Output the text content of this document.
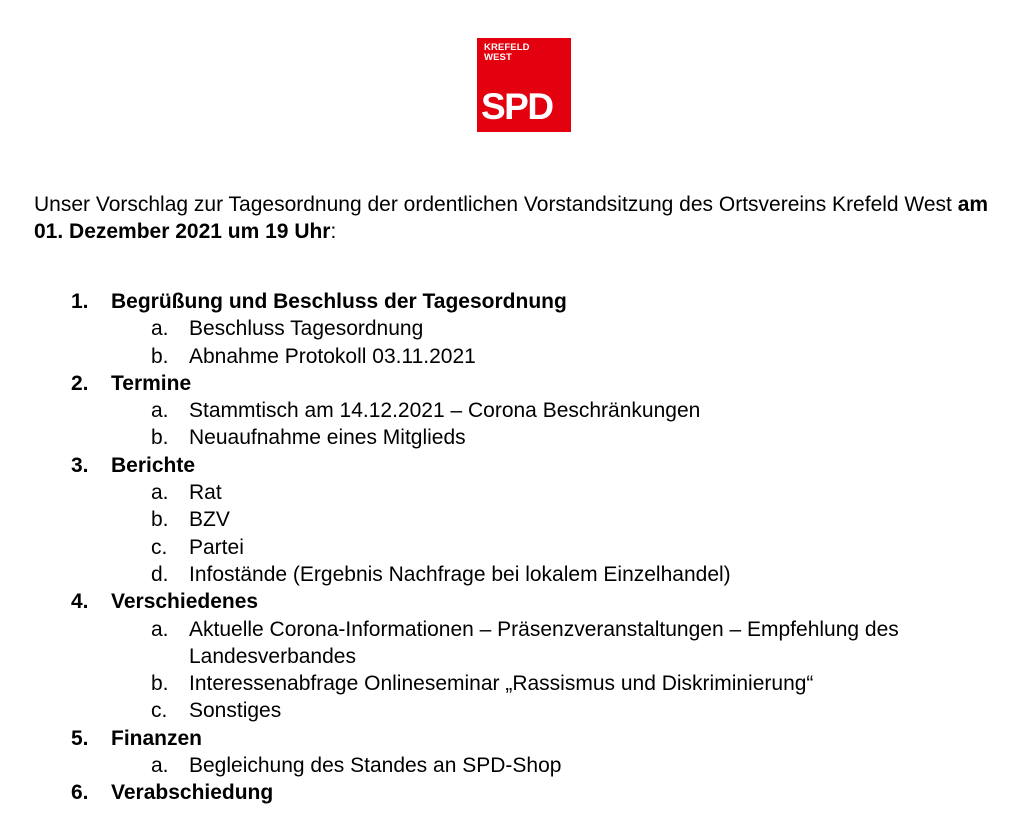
KREFELD
WEST
SPD
Unser Vorschlag zur Tagesordnung der ordentlichen Vorstandsitzung des Ortsvereins Krefeld West am 01. Dezember 2021 um 19 Uhr:
1. Begrüßung und Beschluss der Tagesordnung
a. Beschluss Tagesordnung
b. Abnahme Protokoll 03.11.2021
2. Termine
a. Stammtisch am 14.12.2021 – Corona Beschränkungen
b. Neuaufnahme eines Mitglieds
3. Berichte
a. Rat
b. BZV
c. Partei
d. Infostände (Ergebnis Nachfrage bei lokalem Einzelhandel)
4. Verschiedenes
a. Aktuelle Corona-Informationen – Präsenzveranstaltungen – Empfehlung des Landesverbandes
b. Interessenabfrage Onlineseminar „Rassismus und Diskriminierung“
c. Sonstiges
5. Finanzen
a. Begleichung des Standes an SPD-Shop
6. Verabschiedung
